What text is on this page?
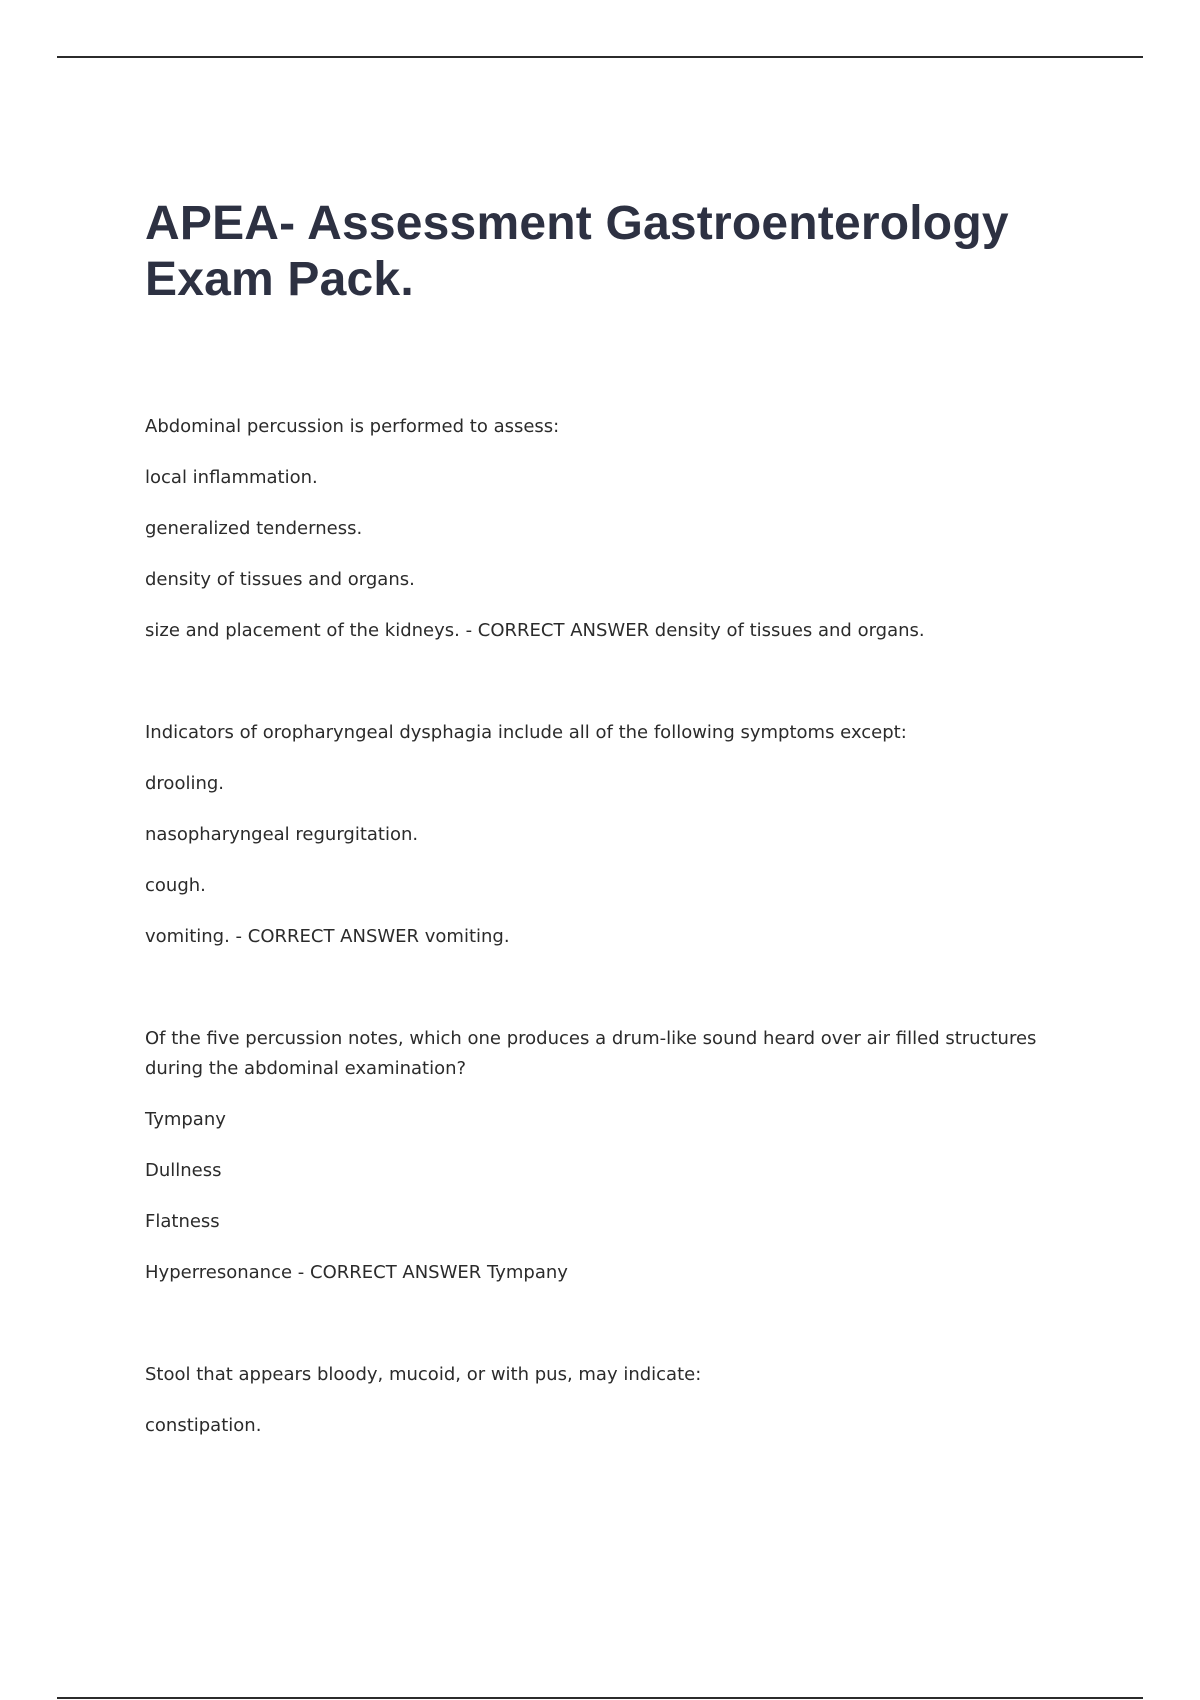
APEA- Assessment Gastroenterology Exam Pack.

Abdominal percussion is performed to assess:

local inflammation.

generalized tenderness.

density of tissues and organs.

size and placement of the kidneys. - CORRECT ANSWER density of tissues and organs.

Indicators of oropharyngeal dysphagia include all of the following symptoms except:

drooling.

nasopharyngeal regurgitation.

cough.

vomiting. - CORRECT ANSWER vomiting.

Of the five percussion notes, which one produces a drum-like sound heard over air filled structures during the abdominal examination?

Tympany

Dullness

Flatness

Hyperresonance - CORRECT ANSWER Tympany

Stool that appears bloody, mucoid, or with pus, may indicate:

constipation.
